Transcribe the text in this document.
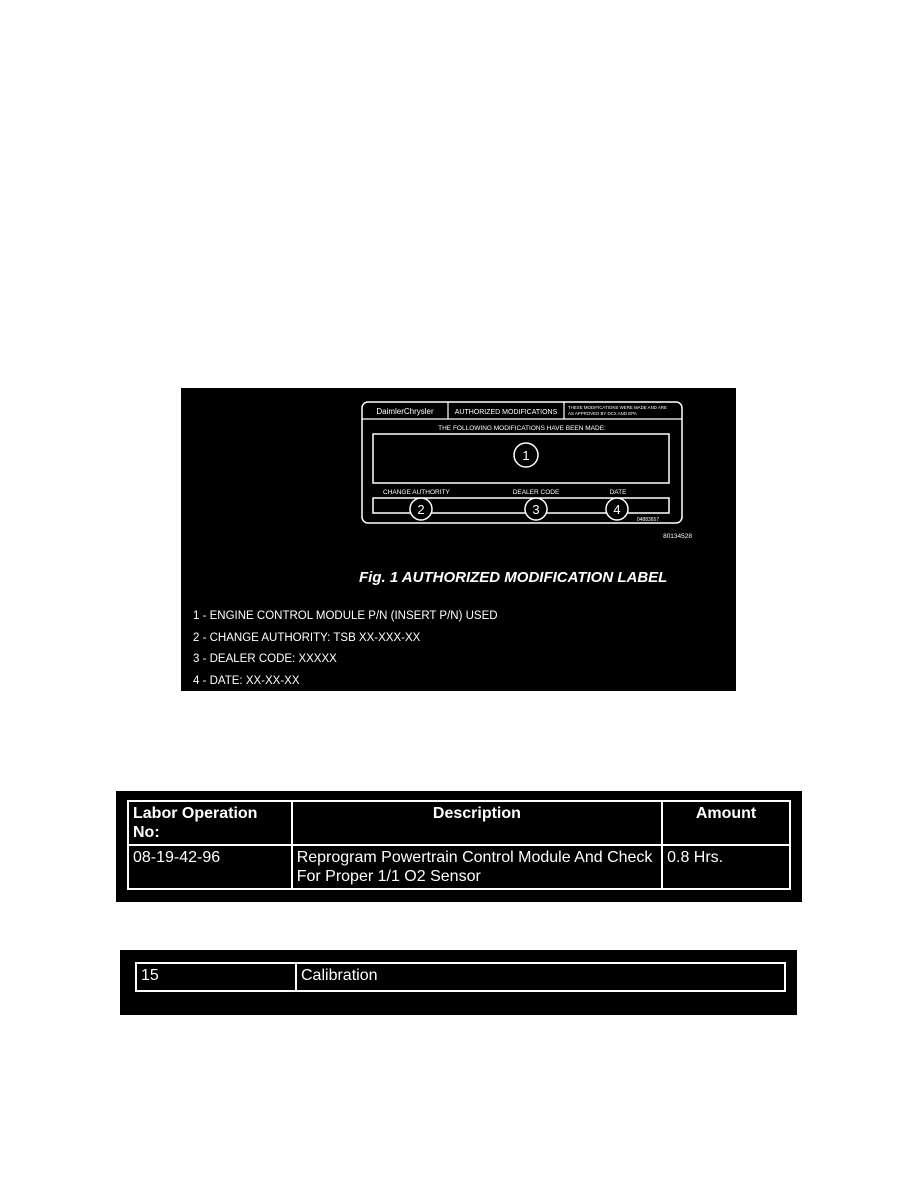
DaimlerChrysler	AUTHORIZED MODIFICATIONS
THESE MODIFICATIONS WERE MADE AND ARE
AS APPROVED BY DCX AND EPA
THE FOLLOWING MODIFICATIONS HAVE BEEN MADE:
1
CHANGE AUTHORITY	DEALER CODE	DATE
2	3	4
04883657
80134528
Fig. 1 AUTHORIZED MODIFICATION LABEL
1 - ENGINE CONTROL MODULE P/N (INSERT P/N) USED
2 - CHANGE AUTHORITY: TSB XX-XXX-XX
3 - DEALER CODE: XXXXX
4 - DATE: XX-XX-XX
Labor Operation No:	Description	Amount
08-19-42-96	Reprogram Powertrain Control Module And Check For Proper 1/1 O2 Sensor	0.8 Hrs.
15	Calibration
